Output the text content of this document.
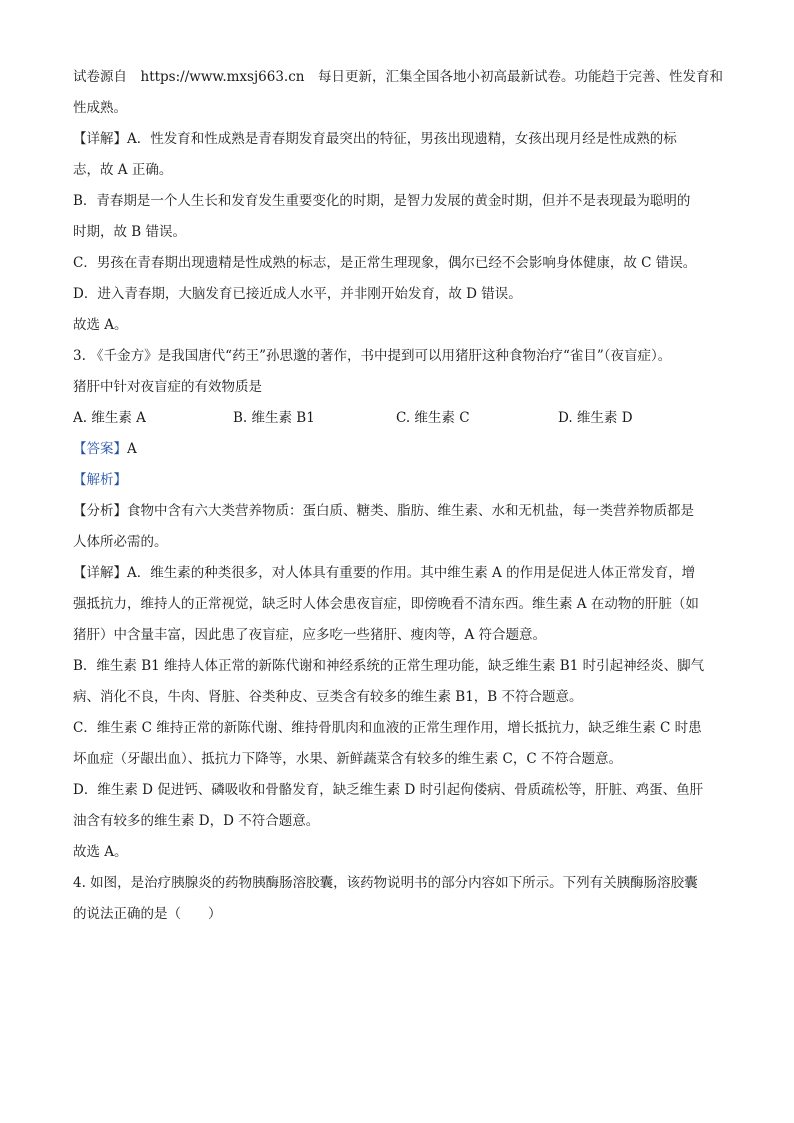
试卷源自　https://www.mxsj663.cn　每日更新，汇集全国各地小初高最新试卷。功能趋于完善、性发育和
性成熟。
【详解】A．性发育和性成熟是青春期发育最突出的特征，男孩出现遗精，女孩出现月经是性成熟的标
志，故 A 正确。
B．青春期是一个人生长和发育发生重要变化的时期，是智力发展的黄金时期，但并不是表现最为聪明的
时期，故 B 错误。
C．男孩在青春期出现遗精是性成熟的标志，是正常生理现象，偶尔已经不会影响身体健康，故 C 错误。
D．进入青春期，大脑发育已接近成人水平，并非刚开始发育，故 D 错误。
故选 A。
3. 《千金方》是我国唐代“药王”孙思邈的著作，书中提到可以用猪肝这种食物治疗“雀目”（夜盲症）。
猪肝中针对夜盲症的有效物质是
A. 维生素 A	B. 维生素 B1	C. 维生素 C	D. 维生素 D
【答案】A
【解析】
【分析】食物中含有六大类营养物质：蛋白质、糖类、脂肪、维生素、水和无机盐，每一类营养物质都是
人体所必需的。
【详解】A．维生素的种类很多，对人体具有重要的作用。其中维生素 A 的作用是促进人体正常发育，增
强抵抗力，维持人的正常视觉，缺乏时人体会患夜盲症，即傍晚看不清东西。维生素 A 在动物的肝脏（如
猪肝）中含量丰富，因此患了夜盲症，应多吃一些猪肝、瘦肉等，A 符合题意。
B．维生素 B1 维持人体正常的新陈代谢和神经系统的正常生理功能，缺乏维生素 B1 时引起神经炎、脚气
病、消化不良，牛肉、肾脏、谷类种皮、豆类含有较多的维生素 B1，B 不符合题意。
C．维生素 C 维持正常的新陈代谢、维持骨肌肉和血液的正常生理作用，增长抵抗力，缺乏维生素 C 时患
坏血症（牙龈出血）、抵抗力下降等，水果、新鲜蔬菜含有较多的维生素 C，C 不符合题意。
D．维生素 D 促进钙、磷吸收和骨骼发育，缺乏维生素 D 时引起佝偻病、骨质疏松等，肝脏、鸡蛋、鱼肝
油含有较多的维生素 D，D 不符合题意。
故选 A。
4. 如图，是治疗胰腺炎的药物胰酶肠溶胶囊，该药物说明书的部分内容如下所示。下列有关胰酶肠溶胶囊
的说法正确的是（　　）
